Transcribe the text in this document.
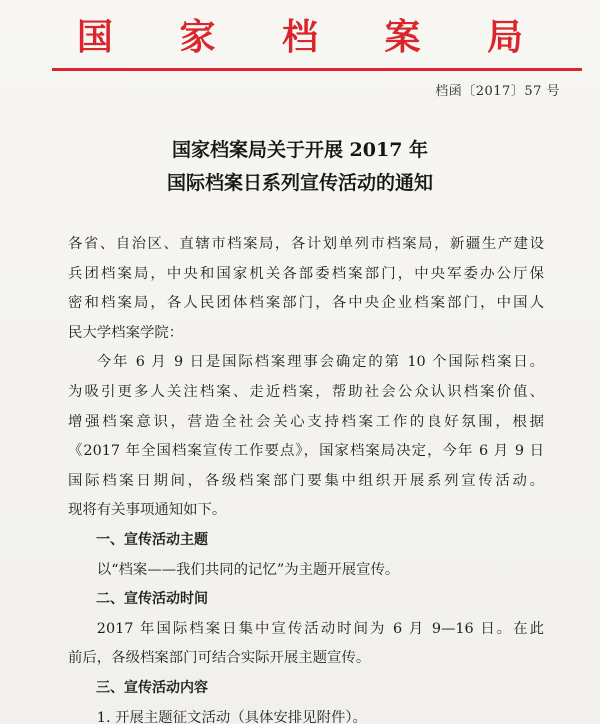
国 家 档 案 局
档函〔2017〕57 号
国家档案局关于开展 2017 年
国际档案日系列宣传活动的通知
各省、自治区、直辖市档案局，各计划单列市档案局，新疆生产建设
兵团档案局，中央和国家机关各部委档案部门，中央军委办公厅保
密和档案局，各人民团体档案部门，各中央企业档案部门，中国人
民大学档案学院：
今年 6 月 9 日是国际档案理事会确定的第 10 个国际档案日。
为吸引更多人关注档案、走近档案，帮助社会公众认识档案价值、
增强档案意识，营造全社会关心支持档案工作的良好氛围，根据
《2017 年全国档案宣传工作要点》，国家档案局决定，今年 6 月 9 日
国际档案日期间，各级档案部门要集中组织开展系列宣传活动。
现将有关事项通知如下。
一、宣传活动主题
以“档案——我们共同的记忆”为主题开展宣传。
二、宣传活动时间
2017 年国际档案日集中宣传活动时间为 6 月 9—16 日。在此
前后，各级档案部门可结合实际开展主题宣传。
三、宣传活动内容
1. 开展主题征文活动（具体安排见附件）。
